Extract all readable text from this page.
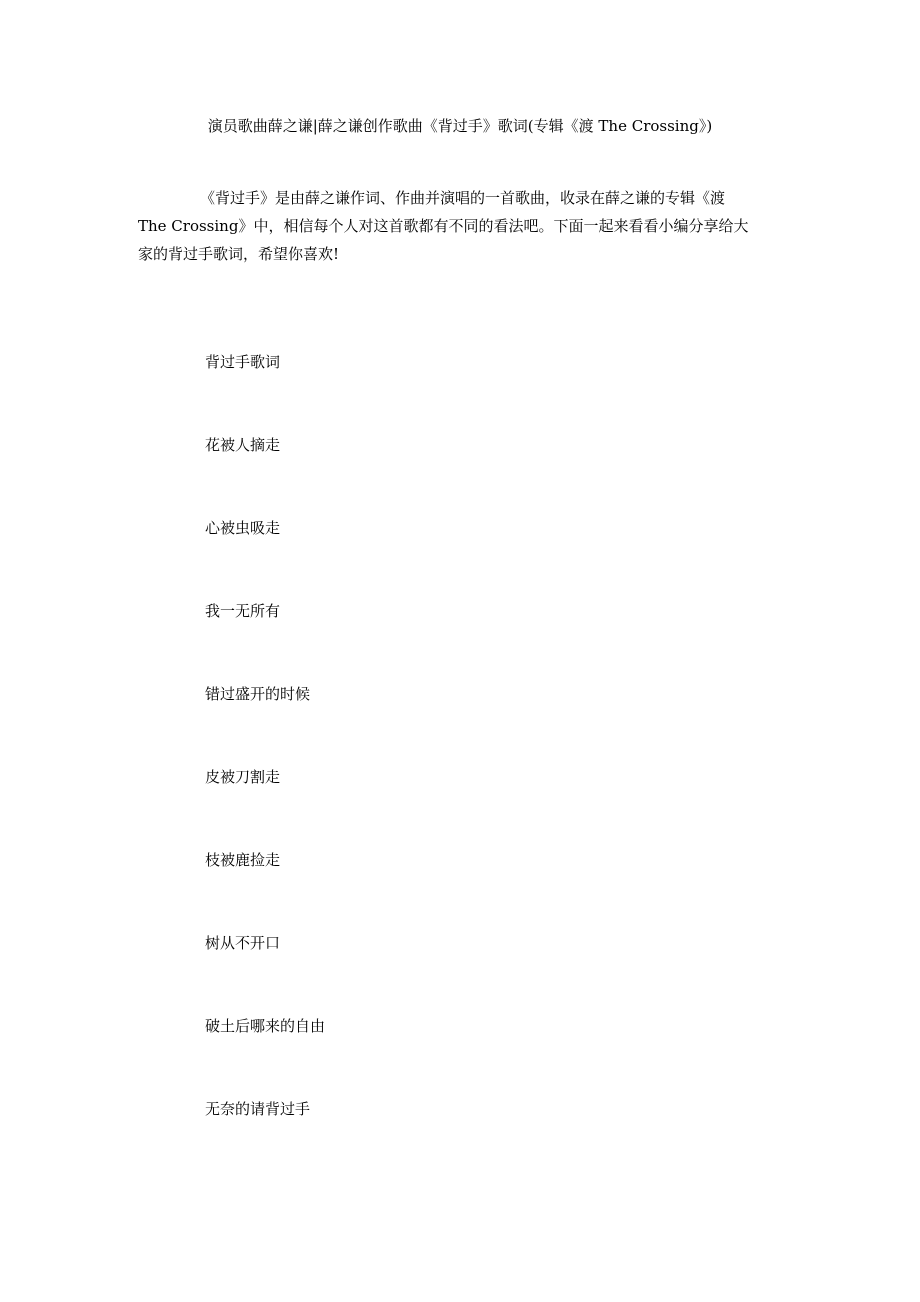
演员歌曲薛之谦|薛之谦创作歌曲《背过手》歌词(专辑《渡 The Crossing》)

《背过手》是由薛之谦作词、作曲并演唱的一首歌曲，收录在薛之谦的专辑《渡
The Crossing》中，相信每个人对这首歌都有不同的看法吧。下面一起来看看小编分享给大
家的背过手歌词，希望你喜欢!

背过手歌词
花被人摘走
心被虫吸走
我一无所有
错过盛开的时候
皮被刀割走
枝被鹿捡走
树从不开口
破土后哪来的自由
无奈的请背过手
